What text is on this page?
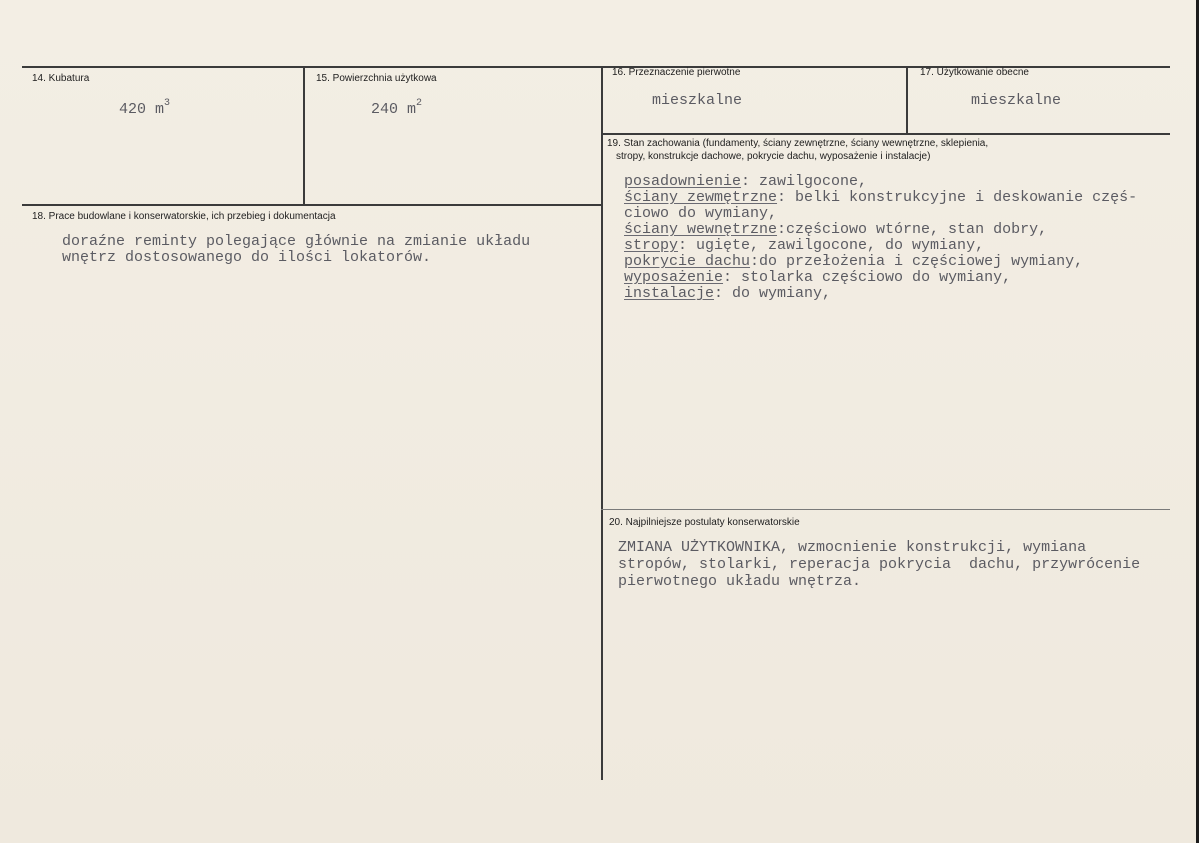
14. Kubatura
420 $m^3$
15. Powierzchnia użytkowa
240 $m^2$
16. Przeznaczenie pierwotne
mieszkalne
17. Użytkowanie obecne
mieszkalne
18. Prace budowlane i konserwatorskie, ich przebieg i dokumentacja
doraźne reminty polegające głównie na zmianie układu
wnętrz dostosowanego do ilości lokatorów.
19. Stan zachowania (fundamenty, ściany zewnętrzne, ściany wewnętrzne, sklepienia,
stropy, konstrukcje dachowe, pokrycie dachu, wyposażenie i instalacje)
posadownienie: zawilgocone,
ściany zewmętrzne: belki konstrukcyjne i deskowanie częś-
ciowo do wymiany,
ściany wewnętrzne:częściowo wtórne, stan dobry,
stropy: ugięte, zawilgocone, do wymiany,
pokrycie dachu:do przełożenia i częściowej wymiany,
wyposażenie: stolarka częściowo do wymiany,
instalacje: do wymiany,
20. Najpilniejsze postulaty konserwatorskie
ZMIANA UŻYTKOWNIKA, wzmocnienie konstrukcji, wymiana
stropów, stolarki, reperacja pokrycia  dachu, przywrócenie
pierwotnego układu wnętrza.
